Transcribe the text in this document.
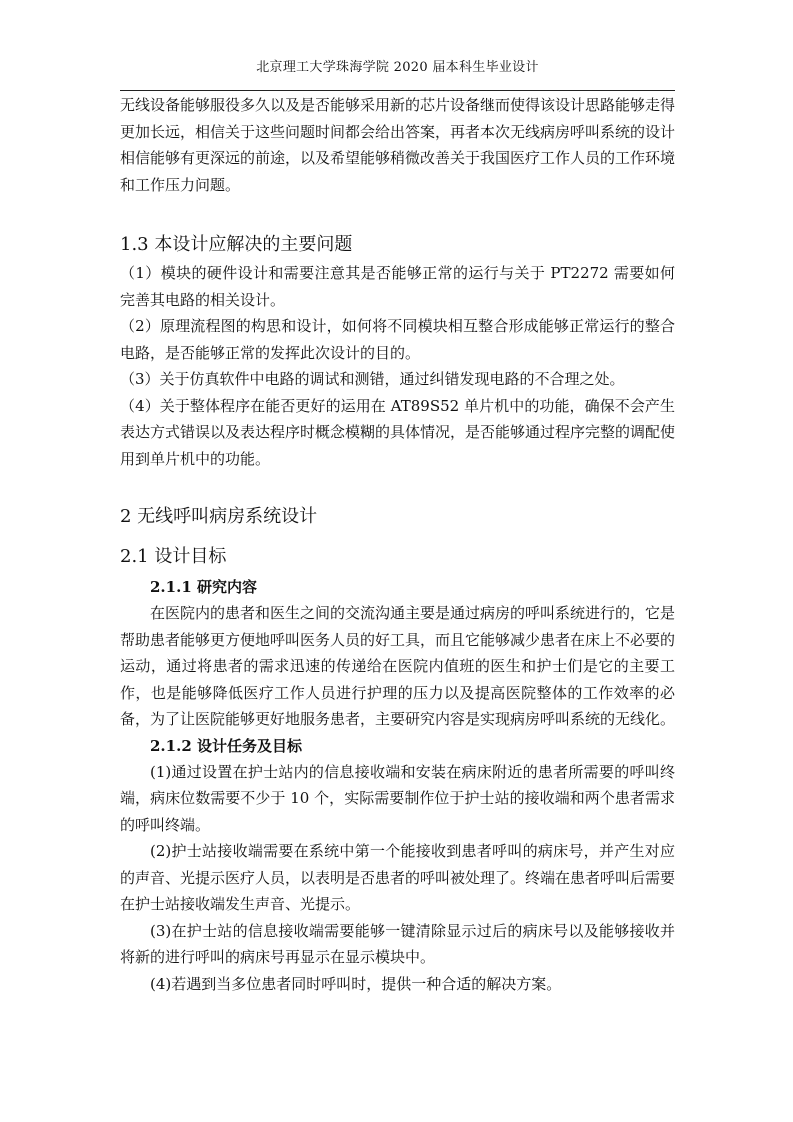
北京理工大学珠海学院 2020 届本科生毕业设计

无线设备能够服役多久以及是否能够采用新的芯片设备继而使得该设计思路能够走得更加长远，相信关于这些问题时间都会给出答案，再者本次无线病房呼叫系统的设计相信能够有更深远的前途，以及希望能够稍微改善关于我国医疗工作人员的工作环境和工作压力问题。

1.3 本设计应解决的主要问题

（1）模块的硬件设计和需要注意其是否能够正常的运行与关于 PT2272 需要如何完善其电路的相关设计。

（2）原理流程图的构思和设计，如何将不同模块相互整合形成能够正常运行的整合电路，是否能够正常的发挥此次设计的目的。

（3）关于仿真软件中电路的调试和测错，通过纠错发现电路的不合理之处。

（4）关于整体程序在能否更好的运用在 AT89S52 单片机中的功能，确保不会产生表达方式错误以及表达程序时概念模糊的具体情况，是否能够通过程序完整的调配使用到单片机中的功能。

2 无线呼叫病房系统设计
2.1 设计目标
2.1.1 研究内容

在医院内的患者和医生之间的交流沟通主要是通过病房的呼叫系统进行的，它是帮助患者能够更方便地呼叫医务人员的好工具，而且它能够减少患者在床上不必要的运动，通过将患者的需求迅速的传递给在医院内值班的医生和护士们是它的主要工作，也是能够降低医疗工作人员进行护理的压力以及提高医院整体的工作效率的必备，为了让医院能够更好地服务患者，主要研究内容是实现病房呼叫系统的无线化。

2.1.2 设计任务及目标

(1)通过设置在护士站内的信息接收端和安装在病床附近的患者所需要的呼叫终端，病床位数需要不少于 10 个，实际需要制作位于护士站的接收端和两个患者需求的呼叫终端。

(2)护士站接收端需要在系统中第一个能接收到患者呼叫的病床号，并产生对应的声音、光提示医疗人员，以表明是否患者的呼叫被处理了。终端在患者呼叫后需要在护士站接收端发生声音、光提示。

(3)在护士站的信息接收端需要能够一键清除显示过后的病床号以及能够接收并将新的进行呼叫的病床号再显示在显示模块中。

(4)若遇到当多位患者同时呼叫时，提供一种合适的解决方案。
